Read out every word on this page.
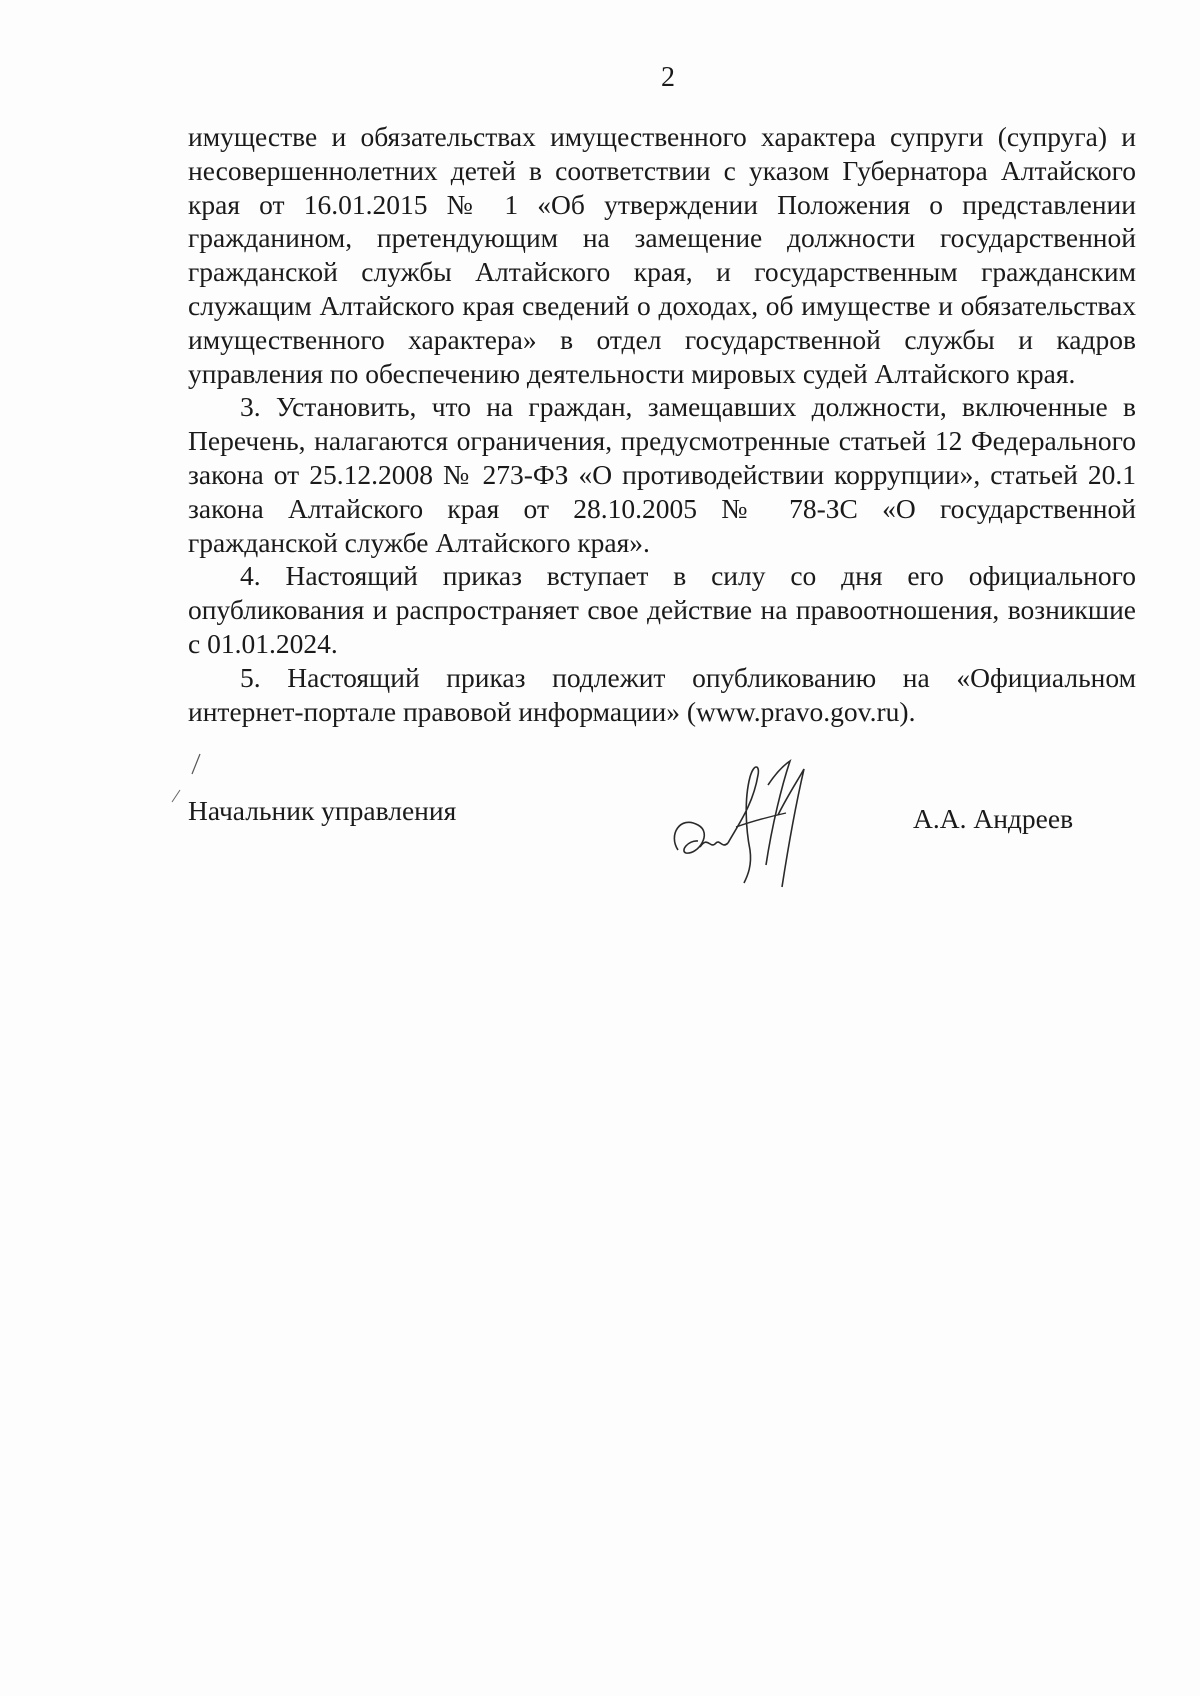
2

имуществе и обязательствах имущественного характера супруги (супруга) и несовершеннолетних детей в соответствии с указом Губернатора Алтайского края от 16.01.2015 № 1 «Об утверждении Положения о представлении гражданином, претендующим на замещение должности государственной гражданской службы Алтайского края, и государственным гражданским служащим Алтайского края сведений о доходах, об имуществе и обязательствах имущественного характера» в отдел государственной службы и кадров управления по обеспечению деятельности мировых судей Алтайского края.

3. Установить, что на граждан, замещавших должности, включенные в Перечень, налагаются ограничения, предусмотренные статьей 12 Федерального закона от 25.12.2008 № 273-ФЗ «О противодействии коррупции», статьей 20.1 закона Алтайского края от 28.10.2005 № 78-ЗС «О государственной гражданской службе Алтайского края».

4. Настоящий приказ вступает в силу со дня его официального опубликования и распространяет свое действие на правоотношения, возникшие с 01.01.2024.

5. Настоящий приказ подлежит опубликованию на «Официальном интернет-портале правовой информации» (www.pravo.gov.ru).

Начальник управления	А.А. Андреев
